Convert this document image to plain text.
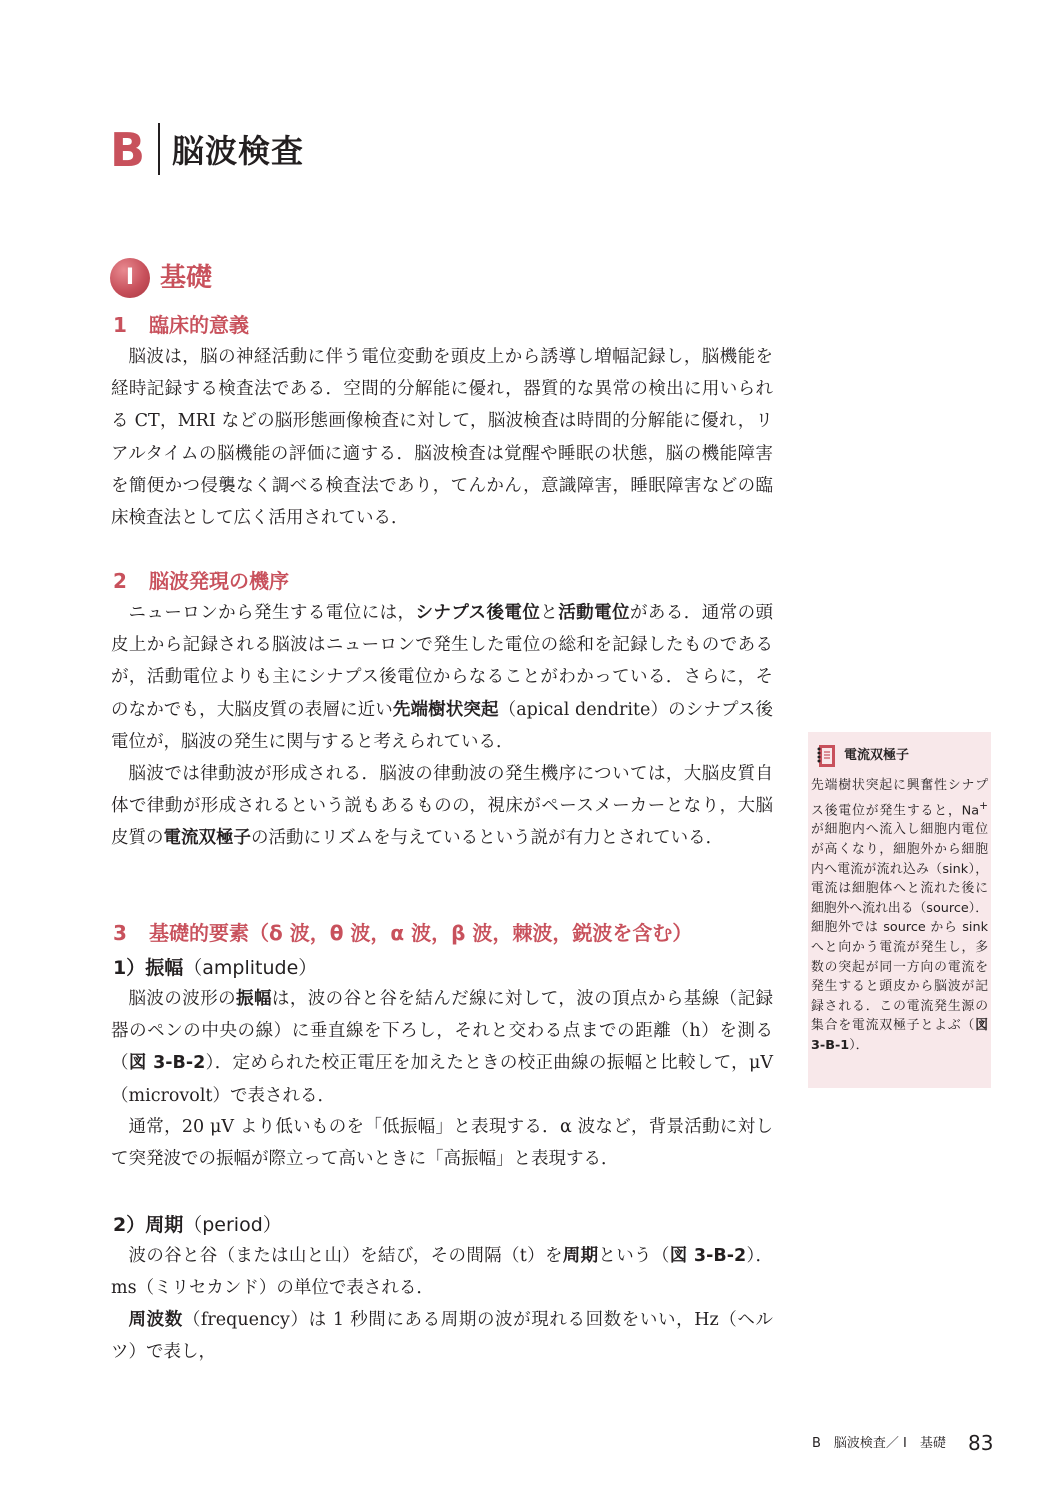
B 脳波検査
I 基礎
1 臨床的意義
脳波は，脳の神経活動に伴う電位変動を頭皮上から誘導し増幅記録し，脳機能を経時記録する検査法である．空間的分解能に優れ，器質的な異常の検出に用いられる CT，MRI などの脳形態画像検査に対して，脳波検査は時間的分解能に優れ，リアルタイムの脳機能の評価に適する．脳波検査は覚醒や睡眠の状態，脳の機能障害を簡便かつ侵襲なく調べる検査法であり，てんかん，意識障害，睡眠障害などの臨床検査法として広く活用されている．
2 脳波発現の機序
ニューロンから発生する電位には，シナプス後電位と活動電位がある．通常の頭皮上から記録される脳波はニューロンで発生した電位の総和を記録したものであるが，活動電位よりも主にシナプス後電位からなることがわかっている．さらに，そのなかでも，大脳皮質の表層に近い先端樹状突起（apical dendrite）のシナプス後電位が，脳波の発生に関与すると考えられている．
脳波では律動波が形成される．脳波の律動波の発生機序については，大脳皮質自体で律動が形成されるという説もあるものの，視床がペースメーカーとなり，大脳皮質の電流双極子の活動にリズムを与えているという説が有力とされている．
3 基礎的要素（δ 波，θ 波，α 波，β 波，棘波，鋭波を含む）
1）振幅（amplitude）
脳波の波形の振幅は，波の谷と谷を結んだ線に対して，波の頂点から基線（記録器のペンの中央の線）に垂直線を下ろし，それと交わる点までの距離（h）を測る（図 3-B-2）．定められた校正電圧を加えたときの校正曲線の振幅と比較して，μV（microvolt）で表される．
通常，20 μV より低いものを「低振幅」と表現する．α 波など，背景活動に対して突発波での振幅が際立って高いときに「高振幅」と表現する．
2）周期（period）
波の谷と谷（または山と山）を結び，その間隔（t）を周期という（図 3-B-2）．ms（ミリセカンド）の単位で表される．
周波数（frequency）は 1 秒間にある周期の波が現れる回数をいい，Hz（ヘルツ）で表し，
電流双極子
先端樹状突起に興奮性シナプス後電位が発生すると，Na+ が細胞内へ流入し細胞内電位が高くなり，細胞外から細胞内へ電流が流れ込み（sink），電流は細胞体へと流れた後に細胞外へ流れ出る（source）．細胞外では source から sink へと向かう電流が発生し，多数の突起が同一方向の電流を発生すると頭皮から脳波が記録される．この電流発生源の集合を電流双極子とよぶ（図 3-B-1）．
B　脳波検査／ I　基礎 83
